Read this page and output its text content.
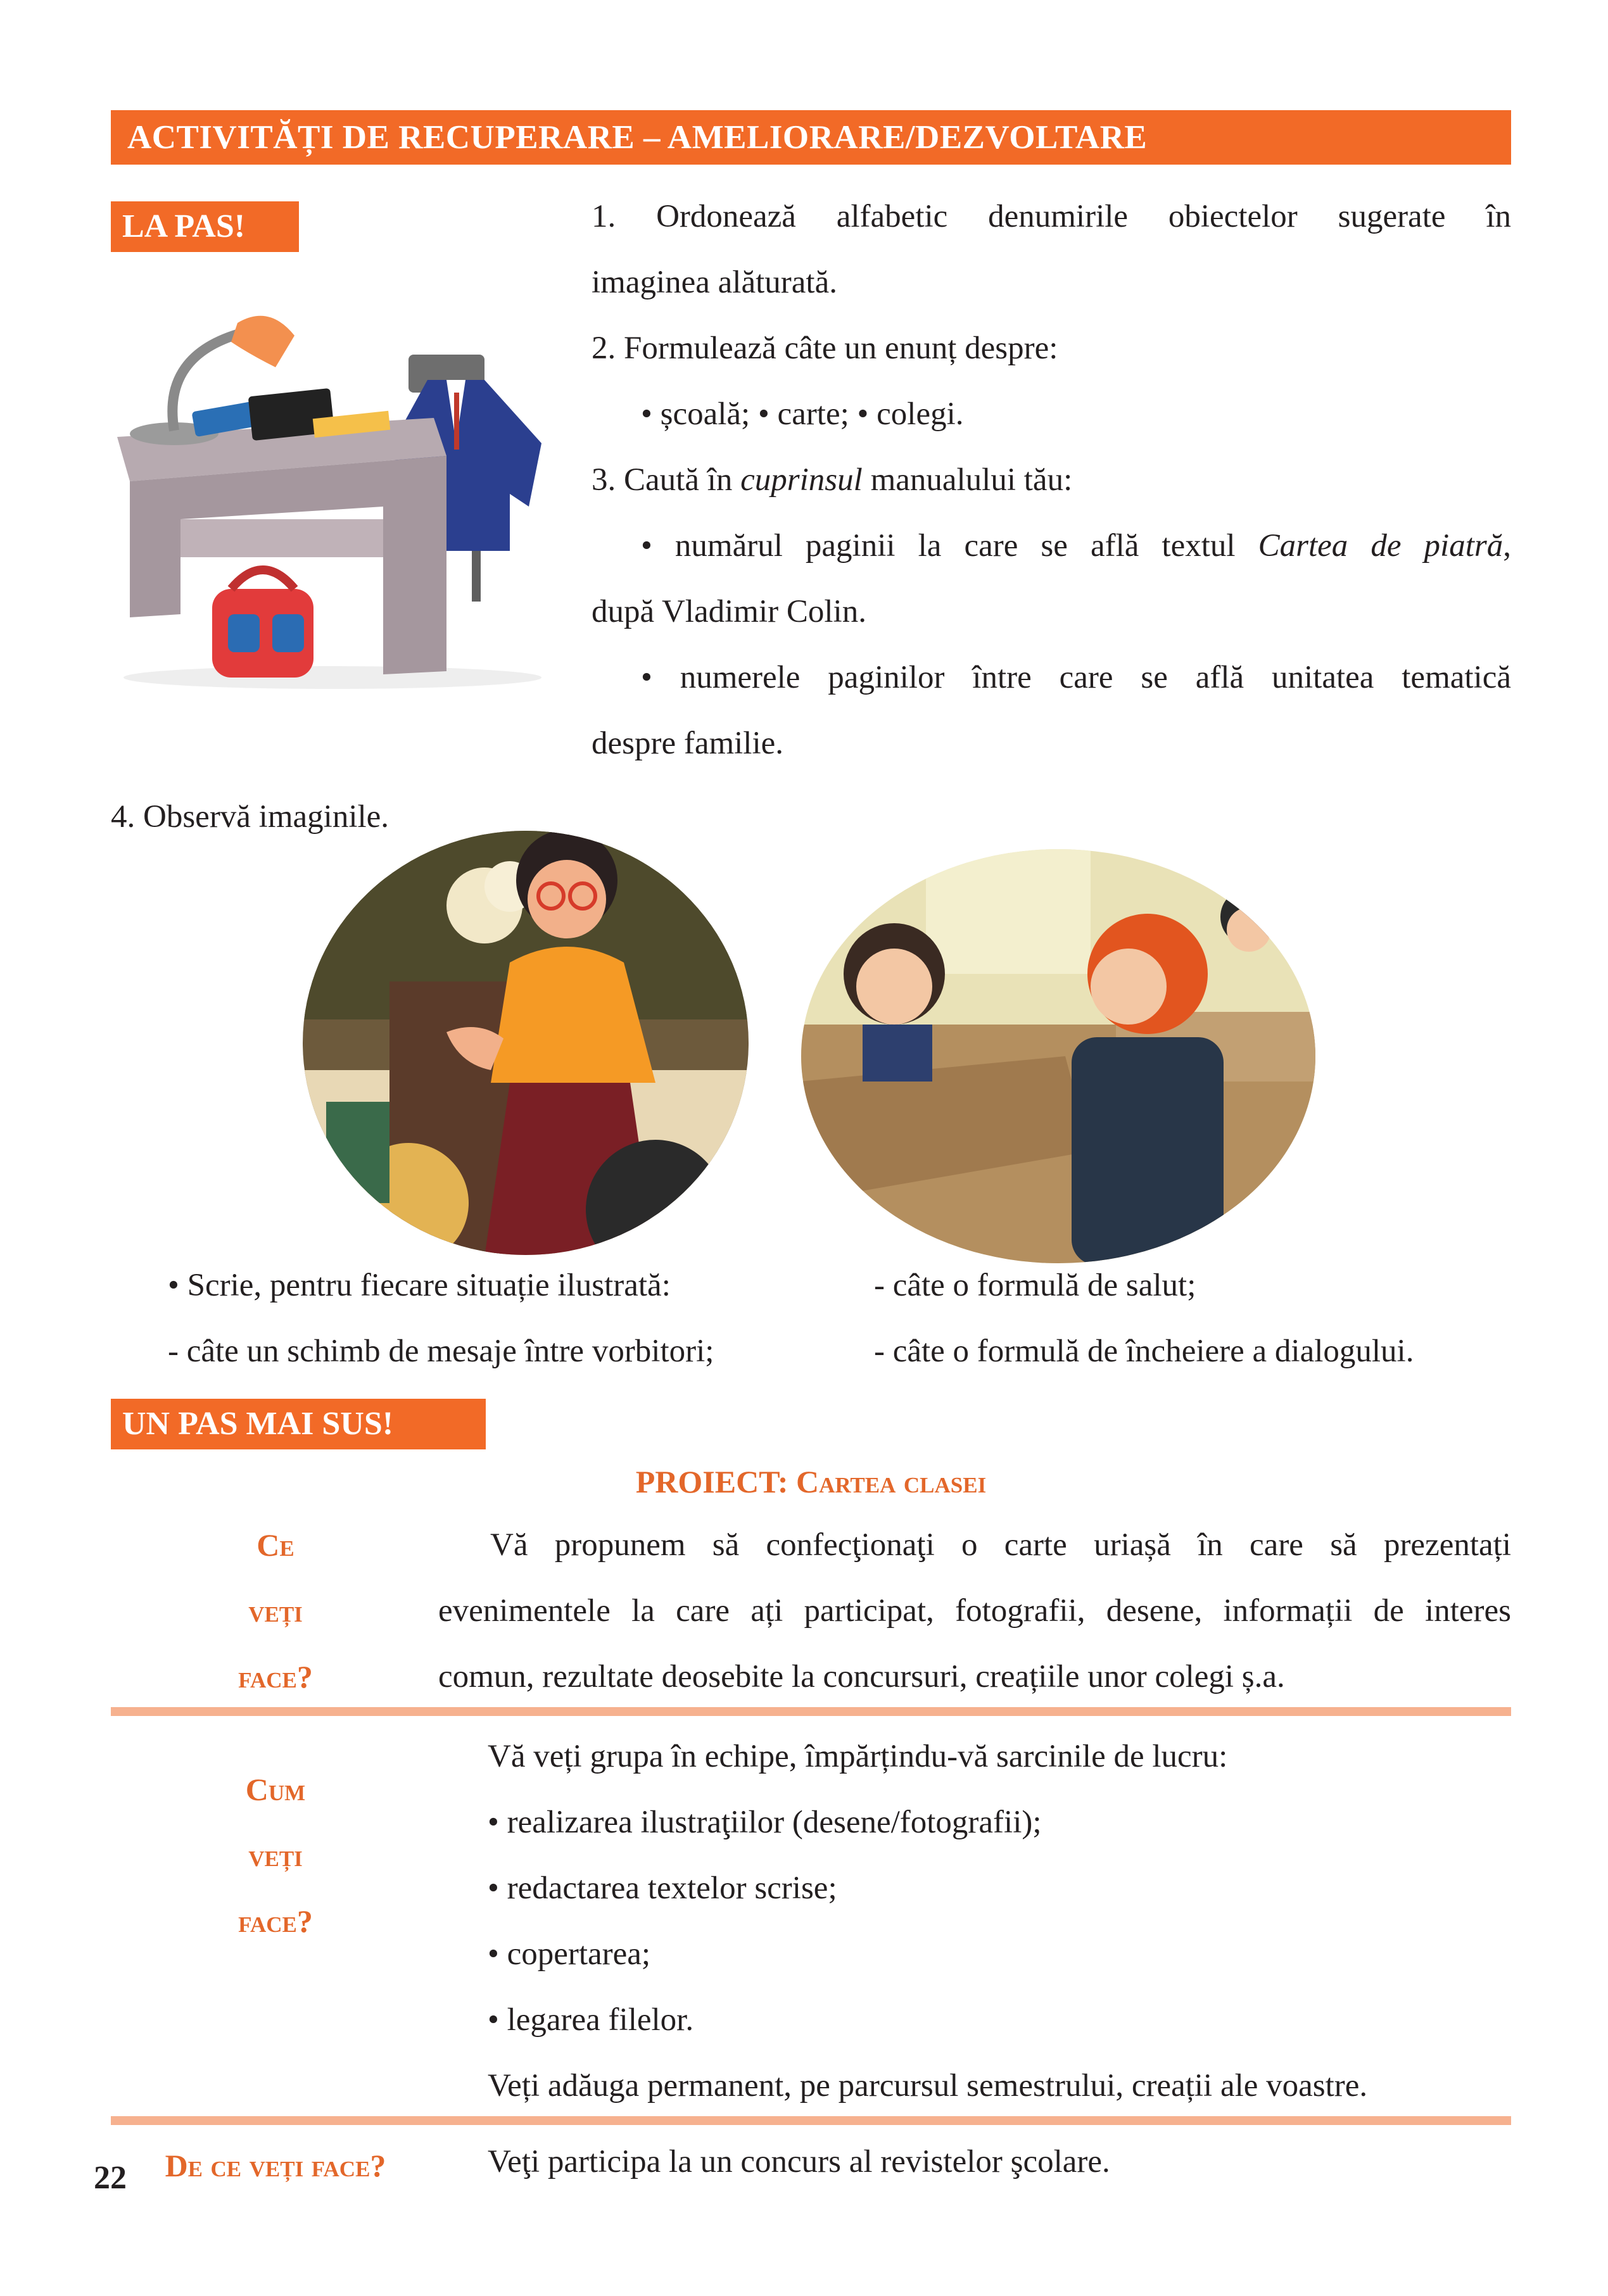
ACTIVITĂȚI DE RECUPERARE – AMELIORARE/DEZVOLTARE
LA PAS!	1. Ordonează alfabetic denumirile obiectelor sugerate în
imaginea alăturată.
2. Formulează câte un enunț despre:
• școală; • carte; • colegi.
3. Caută în cuprinsul manualului tău:
• numărul paginii la care se află textul Cartea de piatră,
după Vladimir Colin.
• numerele paginilor între care se află unitatea tematică
despre familie.
4. Observă imaginile.
• Scrie, pentru fiecare situație ilustrată:
- câte un schimb de mesaje între vorbitori;
- câte o formulă de salut;
- câte o formulă de încheiere a dialogului.
UN PAS MAI SUS!
PROIECT: Cartea clasei
Ce
veți
face?
Vă propunem să confecţionaţi o carte uriașă în care să prezentați
evenimentele la care ați participat, fotografii, desene, informații de interes
comun, rezultate deosebite la concursuri, creațiile unor colegi ș.a.
Cum
veți
face?
Vă veți grupa în echipe, împărțindu-vă sarcinile de lucru:
• realizarea ilustraţiilor (desene/fotografii);
• redactarea textelor scrise;
• copertarea;
• legarea filelor.
Veți adăuga permanent, pe parcursul semestrului, creații ale voastre.
De ce veți face?	Veţi participa la un concurs al revistelor şcolare.
22
